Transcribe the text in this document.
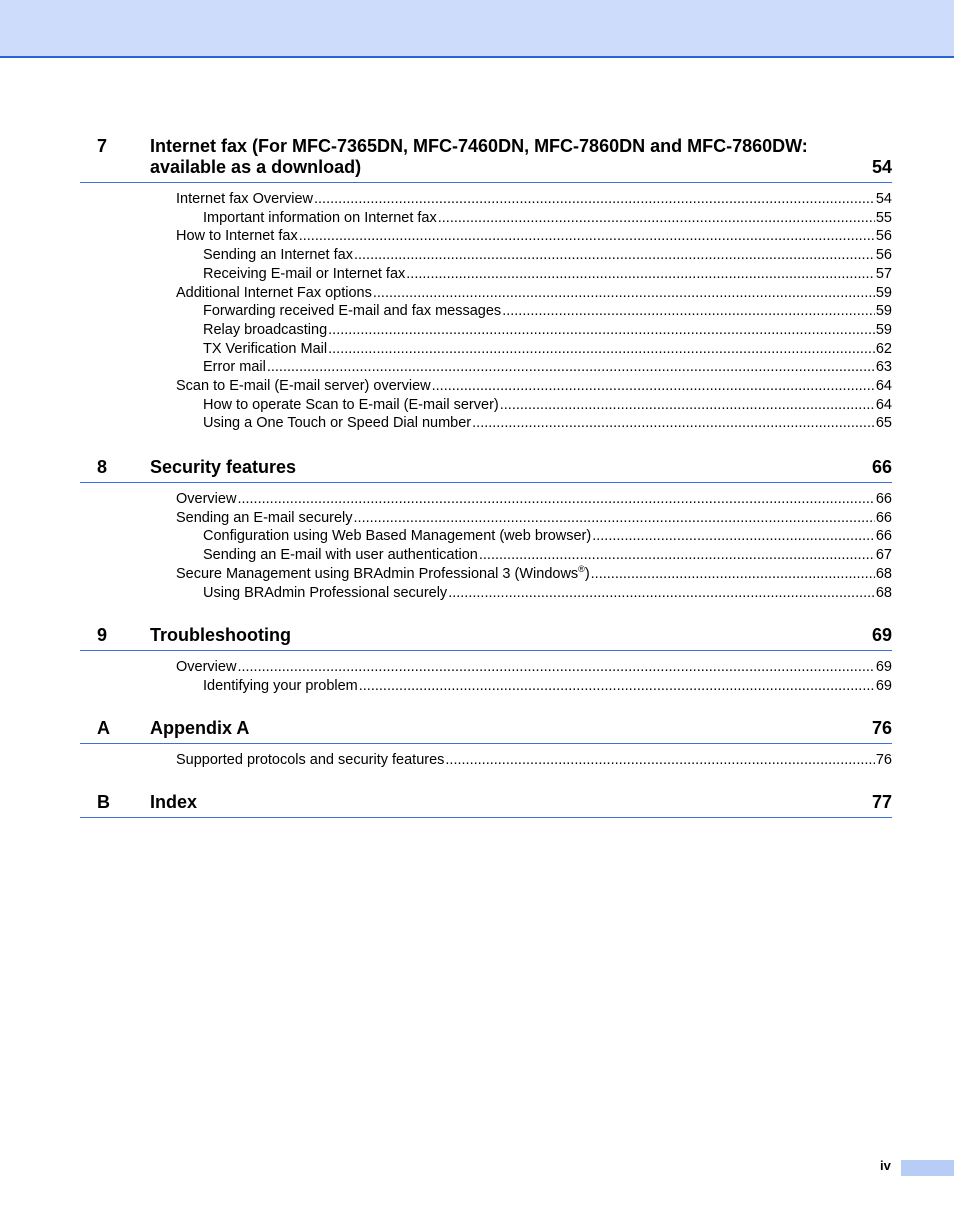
7 Internet fax (For MFC-7365DN, MFC-7460DN, MFC-7860DN and MFC-7860DW: available as a download)	54
Internet fax Overview .....	54
Important information on Internet fax .....	55
How to Internet fax .....	56
Sending an Internet fax .....	56
Receiving E-mail or Internet fax .....	57
Additional Internet Fax options .....	59
Forwarding received E-mail and fax messages .....	59
Relay broadcasting .....	59
TX Verification Mail .....	62
Error mail .....	63
Scan to E-mail (E-mail server) overview .....	64
How to operate Scan to E-mail (E-mail server) .....	64
Using a One Touch or Speed Dial number .....	65
8 Security features	66
Overview .....	66
Sending an E-mail securely .....	66
Configuration using Web Based Management (web browser) .....	66
Sending an E-mail with user authentication .....	67
Secure Management using BRAdmin Professional 3 (Windows®) .....	68
Using BRAdmin Professional securely .....	68
9 Troubleshooting	69
Overview .....	69
Identifying your problem .....	69
A Appendix A	76
Supported protocols and security features .....	76
B Index	77
iv
